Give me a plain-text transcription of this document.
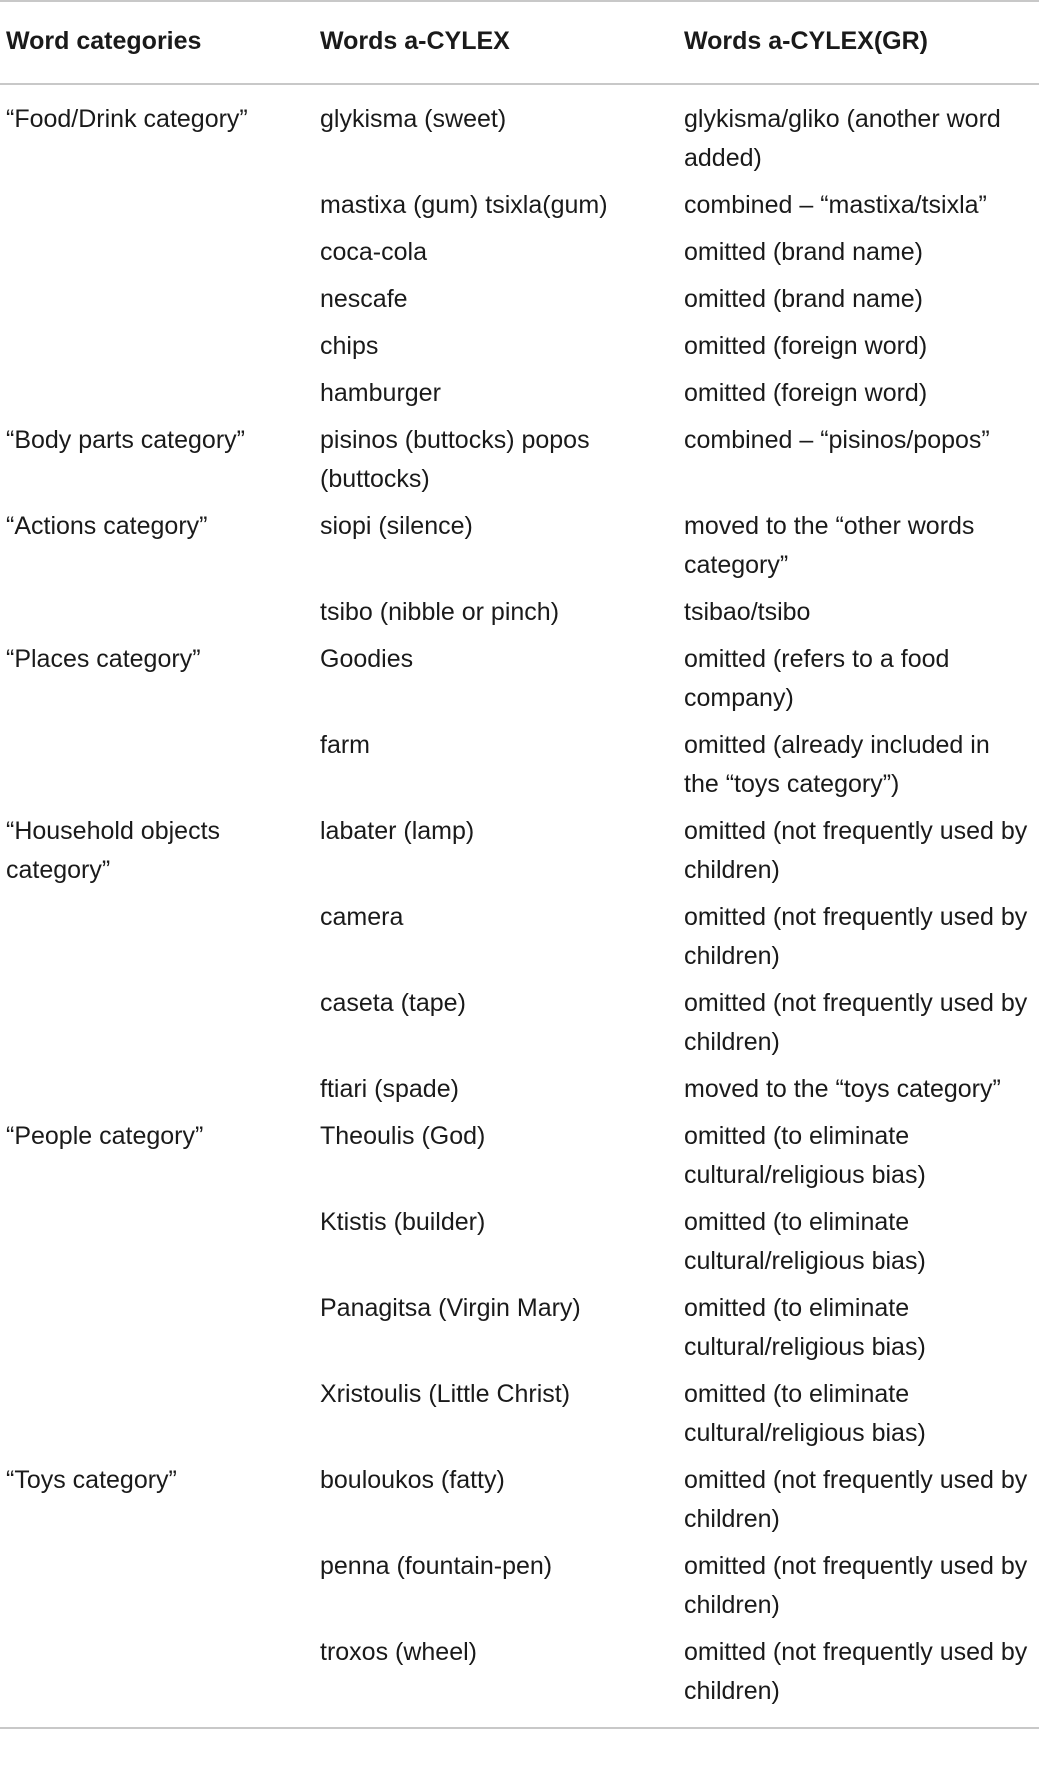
Word categories	Words a-CYLEX	Words a-CYLEX(GR)

“Food/Drink category”	glykisma (sweet)	glykisma/gliko (another word added)

	mastixa (gum) tsixla(gum)	combined – “mastixa/tsixla”

	coca-cola	omitted (brand name)

	nescafe	omitted (brand name)

	chips	omitted (foreign word)

	hamburger	omitted (foreign word)

“Body parts category”	pisinos (buttocks) popos (buttocks)	combined – “pisinos/popos”

“Actions category”	siopi (silence)	moved to the “other words category”

	tsibo (nibble or pinch)	tsibao/tsibo

“Places category”	Goodies	omitted (refers to a food company)

	farm	omitted (already included in the “toys category”)

“Household objects category”	labater (lamp)	omitted (not frequently used by children)

	camera	omitted (not frequently used by children)

	caseta (tape)	omitted (not frequently used by children)

	ftiari (spade)	moved to the “toys category”

“People category”	Theoulis (God)	omitted (to eliminate cultural/religious bias)

	Ktistis (builder)	omitted (to eliminate cultural/religious bias)

	Panagitsa (Virgin Mary)	omitted (to eliminate cultural/religious bias)

	Xristoulis (Little Christ)	omitted (to eliminate cultural/religious bias)

“Toys category”	bouloukos (fatty)	omitted (not frequently used by children)

	penna (fountain-pen)	omitted (not frequently used by children)

	troxos (wheel)	omitted (not frequently used by children)
